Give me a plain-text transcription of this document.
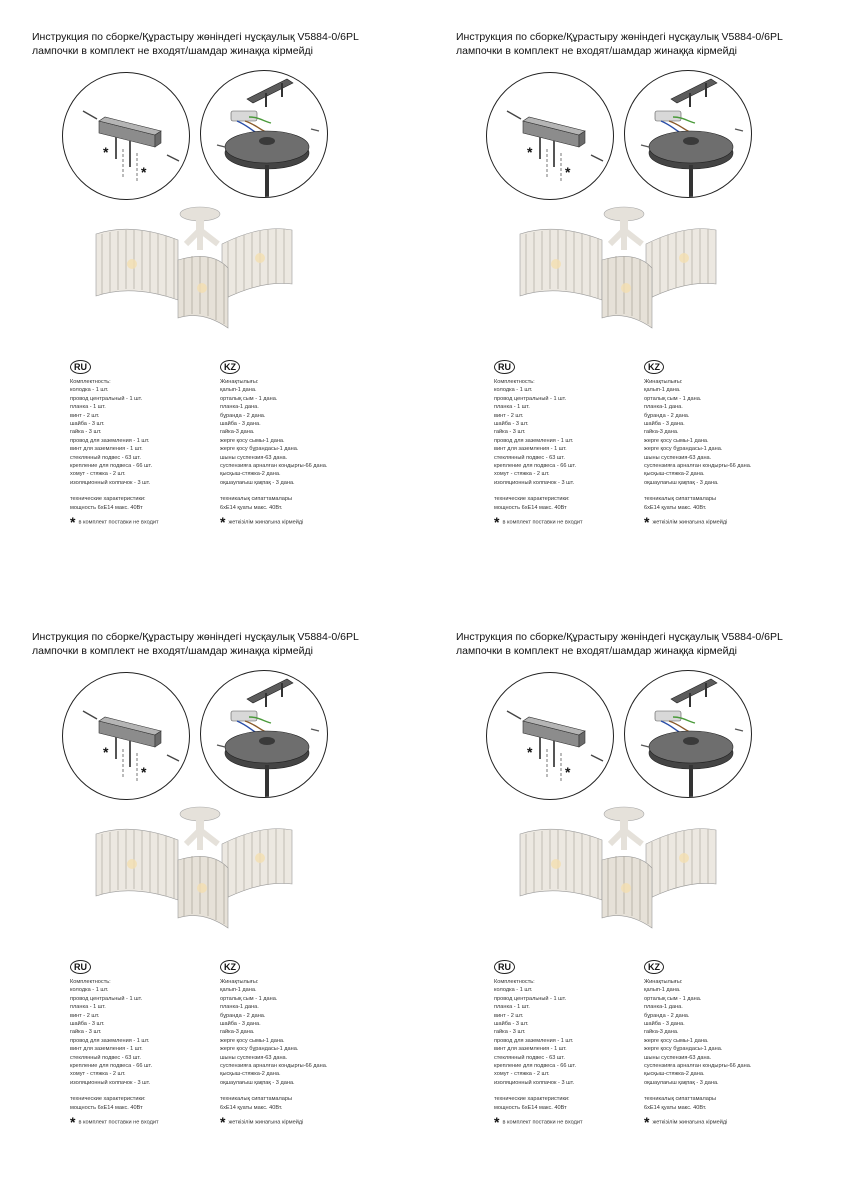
Инструкция по сборке/Құрастыру жөніндегі нұсқаулық V5884-0/6PL
лампочки в комплект не входят/шамдар жинаққа кірмейді
*
*
RU
Комплектность:
колодка - 1 шт.
провод центральный - 1 шт.
планка - 1 шт.
винт - 2 шт.
шайба - 3 шт.
гайка - 3 шт.
провод для заземления - 1 шт.
винт для заземления - 1 шт.
стеклянный подвес - 63 шт.
крепление для подвеса - 66 шт.
хомут - стяжка - 2 шт.
изоляционный колпачок - 3 шт.
технические характеристики:
мощность 6хЕ14 макс. 40Вт
* в комплект поставки не входит
KZ
Жинақтылығы:
қалып-1 дана.
орталық сым - 1 дана.
планка-1 дана.
бұранда - 2 дана.
шайба - 3 дана.
гайка-3 дана.
жерге қосу сымы-1 дана.
жерге қосу бұрандасы-1 дана.
шыны суспензия-63 дана.
суспензияға арналған кондырғы-66 дана.
қысқыш-стяжка-2 дана.
оқшаулағыш қақпақ - 3 дана.
техникалық сипаттамалары
6хЕ14 қуаты макс. 40Вт.
* жеткізілім жинағына кірмейді
Инструкция по сборке/Құрастыру жөніндегі нұсқаулық V5884-0/6PL
лампочки в комплект не входят/шамдар жинаққа кірмейді
*
*
RU
Комплектность:
колодка - 1 шт.
провод центральный - 1 шт.
планка - 1 шт.
винт - 2 шт.
шайба - 3 шт.
гайка - 3 шт.
провод для заземления - 1 шт.
винт для заземления - 1 шт.
стеклянный подвес - 63 шт.
крепление для подвеса - 66 шт.
хомут - стяжка - 2 шт.
изоляционный колпачок - 3 шт.
технические характеристики:
мощность 6хЕ14 макс. 40Вт
* в комплект поставки не входит
KZ
Жинақтылығы:
қалып-1 дана.
орталық сым - 1 дана.
планка-1 дана.
бұранда - 2 дана.
шайба - 3 дана.
гайка-3 дана.
жерге қосу сымы-1 дана.
жерге қосу бұрандасы-1 дана.
шыны суспензия-63 дана.
суспензияға арналған кондырғы-66 дана.
қысқыш-стяжка-2 дана.
оқшаулағыш қақпақ - 3 дана.
техникалық сипаттамалары
6хЕ14 қуаты макс. 40Вт.
* жеткізілім жинағына кірмейді
Инструкция по сборке/Құрастыру жөніндегі нұсқаулық V5884-0/6PL
лампочки в комплект не входят/шамдар жинаққа кірмейді
*
*
RU
Комплектность:
колодка - 1 шт.
провод центральный - 1 шт.
планка - 1 шт.
винт - 2 шт.
шайба - 3 шт.
гайка - 3 шт.
провод для заземления - 1 шт.
винт для заземления - 1 шт.
стеклянный подвес - 63 шт.
крепление для подвеса - 66 шт.
хомут - стяжка - 2 шт.
изоляционный колпачок - 3 шт.
технические характеристики:
мощность 6хЕ14 макс. 40Вт
* в комплект поставки не входит
KZ
Жинақтылығы:
қалып-1 дана.
орталық сым - 1 дана.
планка-1 дана.
бұранда - 2 дана.
шайба - 3 дана.
гайка-3 дана.
жерге қосу сымы-1 дана.
жерге қосу бұрандасы-1 дана.
шыны суспензия-63 дана.
суспензияға арналған кондырғы-66 дана.
қысқыш-стяжка-2 дана.
оқшаулағыш қақпақ - 3 дана.
техникалық сипаттамалары
6хЕ14 қуаты макс. 40Вт.
* жеткізілім жинағына кірмейді
Инструкция по сборке/Құрастыру жөніндегі нұсқаулық V5884-0/6PL
лампочки в комплект не входят/шамдар жинаққа кірмейді
*
*
RU
Комплектность:
колодка - 1 шт.
провод центральный - 1 шт.
планка - 1 шт.
винт - 2 шт.
шайба - 3 шт.
гайка - 3 шт.
провод для заземления - 1 шт.
винт для заземления - 1 шт.
стеклянный подвес - 63 шт.
крепление для подвеса - 66 шт.
хомут - стяжка - 2 шт.
изоляционный колпачок - 3 шт.
технические характеристики:
мощность 6хЕ14 макс. 40Вт
* в комплект поставки не входит
KZ
Жинақтылығы:
қалып-1 дана.
орталық сым - 1 дана.
планка-1 дана.
бұранда - 2 дана.
шайба - 3 дана.
гайка-3 дана.
жерге қосу сымы-1 дана.
жерге қосу бұрандасы-1 дана.
шыны суспензия-63 дана.
суспензияға арналған кондырғы-66 дана.
қысқыш-стяжка-2 дана.
оқшаулағыш қақпақ - 3 дана.
техникалық сипаттамалары
6хЕ14 қуаты макс. 40Вт.
* жеткізілім жинағына кірмейді
